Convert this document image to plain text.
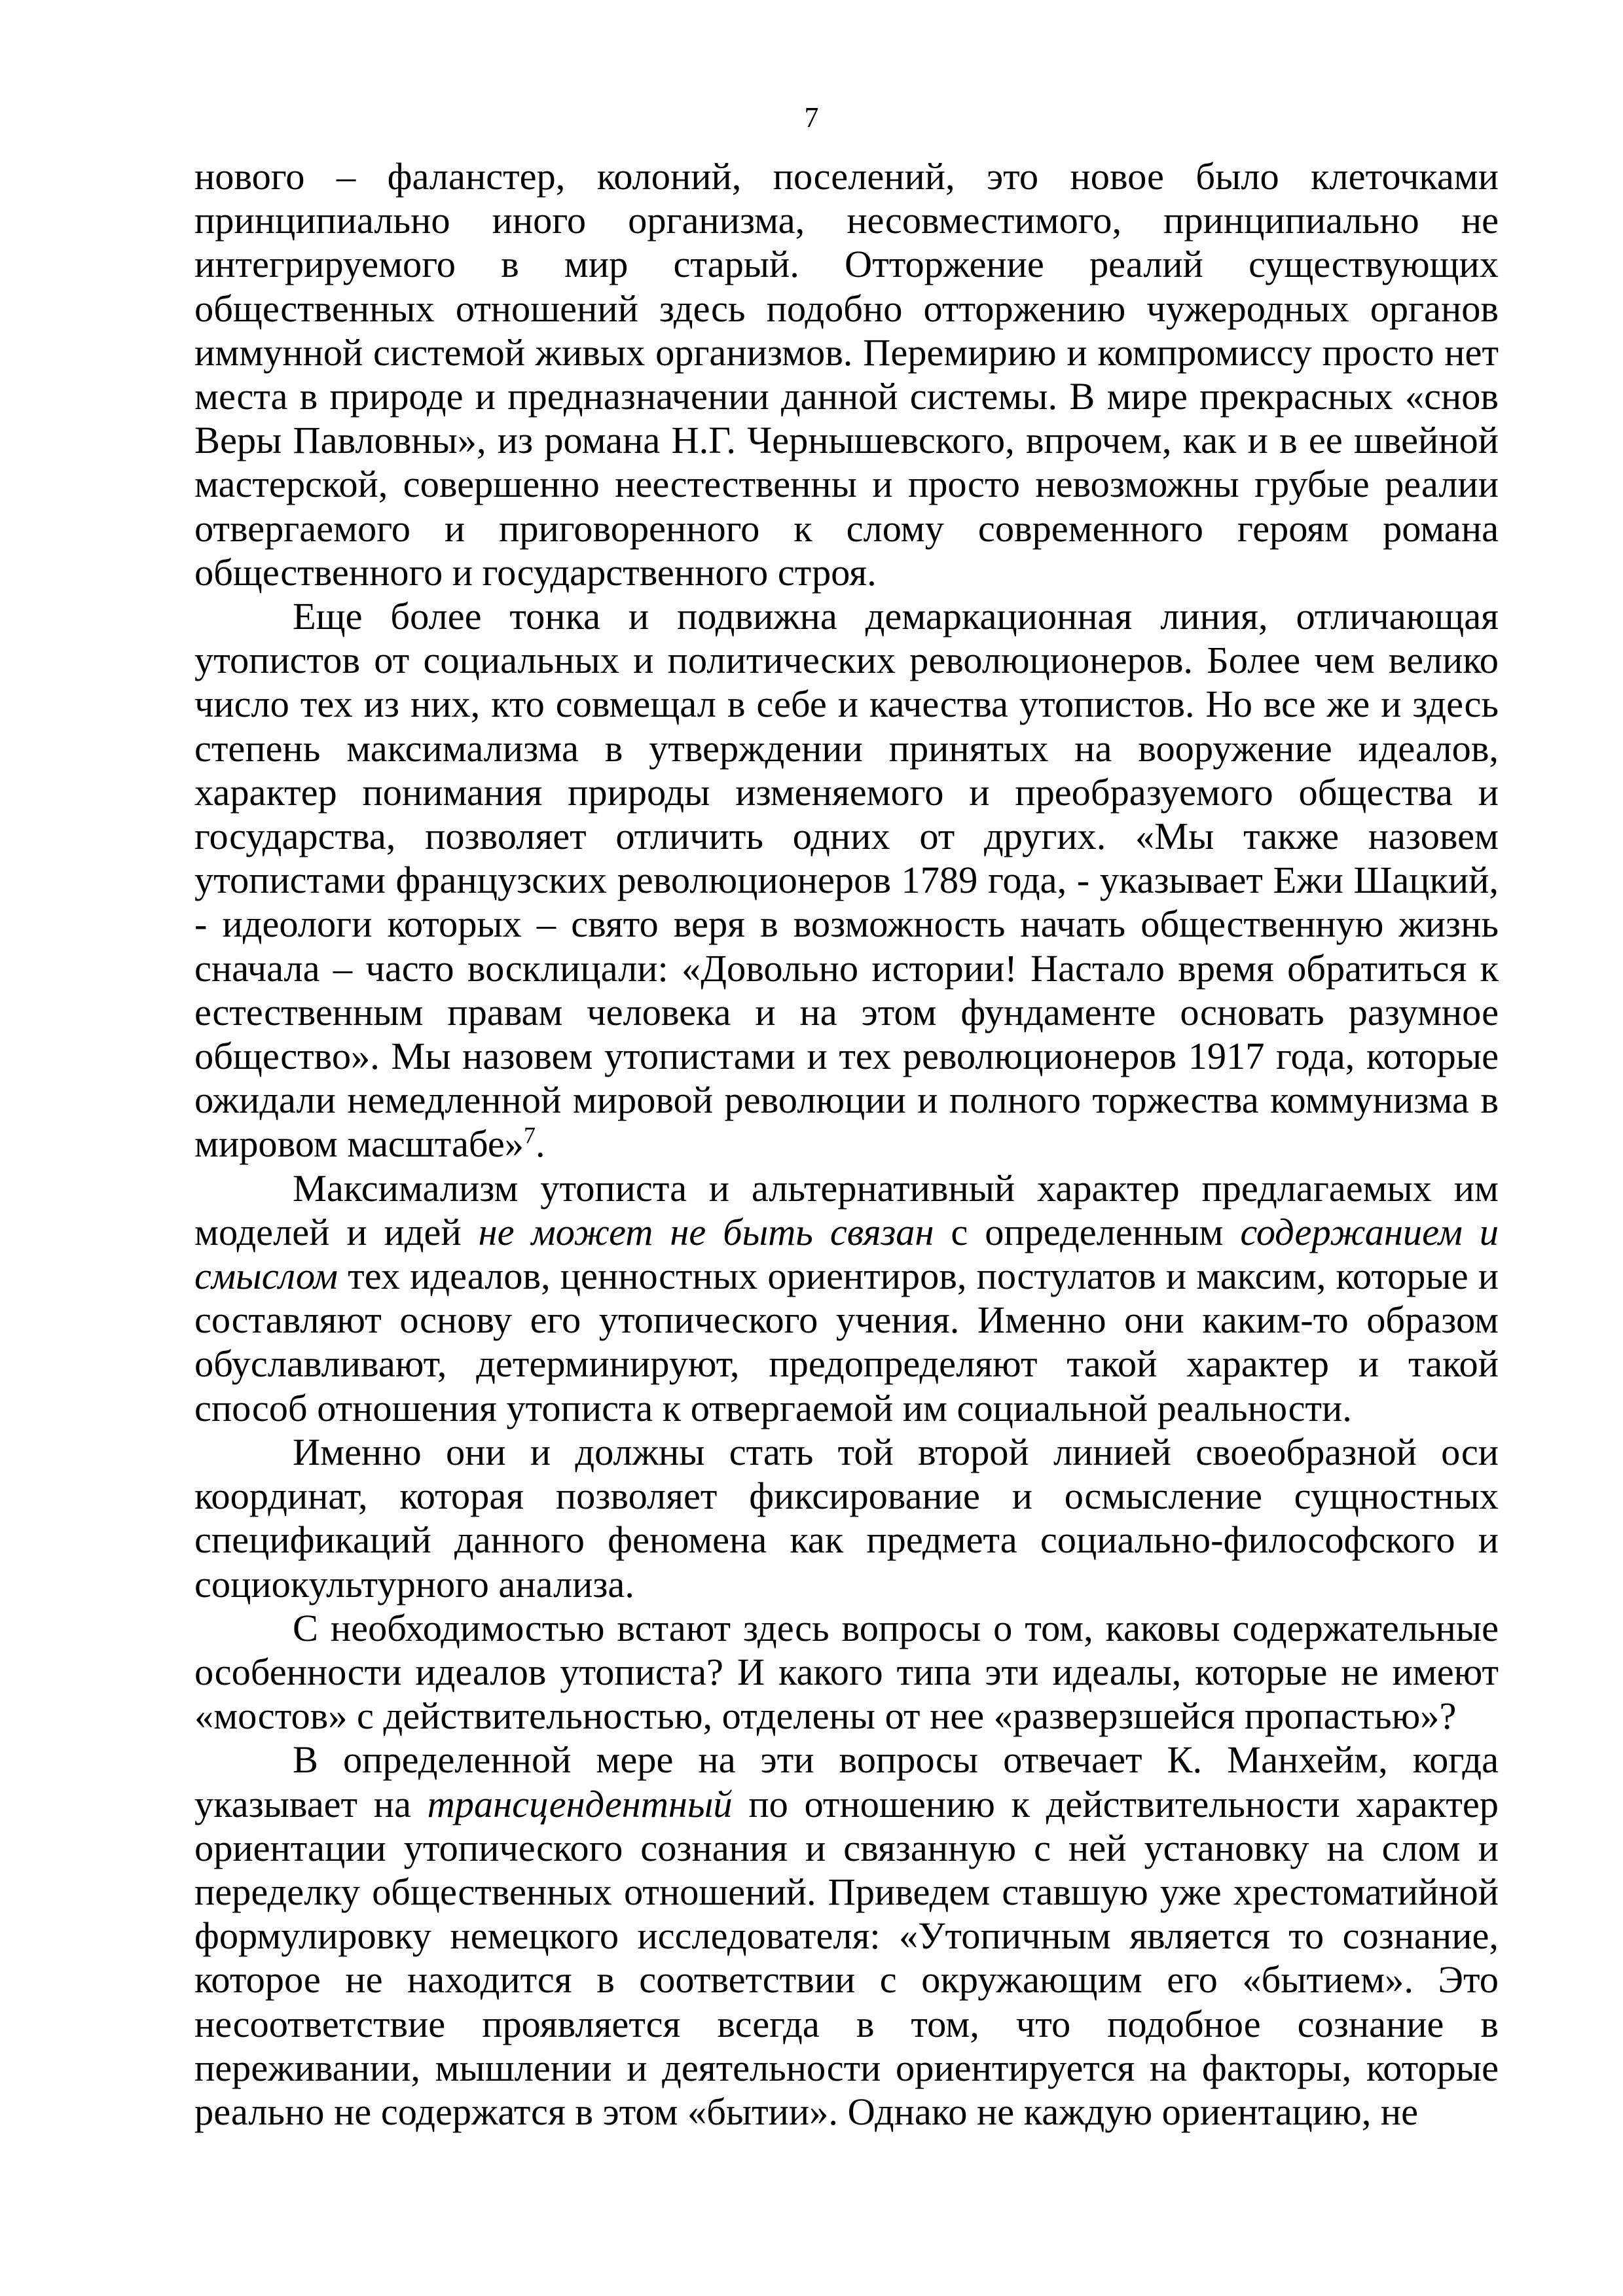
7

нового – фаланстер, колоний, поселений, это новое было клеточками принципиально иного организма, несовместимого, принципиально не интегрируемого в мир старый. Отторжение реалий существующих общественных отношений здесь подобно отторжению чужеродных органов иммунной системой живых организмов. Перемирию и компромиссу просто нет места в природе и предназначении данной системы. В мире прекрасных «снов Веры Павловны», из романа Н.Г. Чернышевского, впрочем, как и в ее швейной мастерской, совершенно неестественны и просто невозможны грубые реалии отвергаемого и приговоренного к слому современного героям романа общественного и государственного строя.

Еще более тонка и подвижна демаркационная линия, отличающая утопистов от социальных и политических революционеров. Более чем велико число тех из них, кто совмещал в себе и качества утопистов. Но все же и здесь степень максимализма в утверждении принятых на вооружение идеалов, характер понимания природы изменяемого и преобразуемого общества и государства, позволяет отличить одних от других. «Мы также назовем утопистами французских революционеров 1789 года, - указывает Ежи Шацкий, - идеологи которых – свято веря в возможность начать общественную жизнь сначала – часто восклицали: «Довольно истории! Настало время обратиться к естественным правам человека и на этом фундаменте основать разумное общество». Мы назовем утопистами и тех революционеров 1917 года, которые ожидали немедленной мировой революции и полного торжества коммунизма в мировом масштабе»$^7$.

Максимализм утописта и альтернативный характер предлагаемых им моделей и идей не может не быть связан с определенным содержанием и смыслом тех идеалов, ценностных ориентиров, постулатов и максим, которые и составляют основу его утопического учения. Именно они каким-то образом обуславливают, детерминируют, предопределяют такой характер и такой способ отношения утописта к отвергаемой им социальной реальности.

Именно они и должны стать той второй линией своеобразной оси координат, которая позволяет фиксирование и осмысление сущностных спецификаций данного феномена как предмета социально-философского и социокультурного анализа.

С необходимостью встают здесь вопросы о том, каковы содержательные особенности идеалов утописта? И какого типа эти идеалы, которые не имеют «мостов» с действительностью, отделены от нее «разверзшейся пропастью»?

В определенной мере на эти вопросы отвечает К. Манхейм, когда указывает на трансцендентный по отношению к действительности характер ориентации утопического сознания и связанную с ней установку на слом и переделку общественных отношений. Приведем ставшую уже хрестоматийной формулировку немецкого исследователя: «Утопичным является то сознание, которое не находится в соответствии с окружающим его «бытием». Это несоответствие проявляется всегда в том, что подобное сознание в переживании, мышлении и деятельности ориентируется на факторы, которые реально не содержатся в этом «бытии». Однако не каждую ориентацию, не
